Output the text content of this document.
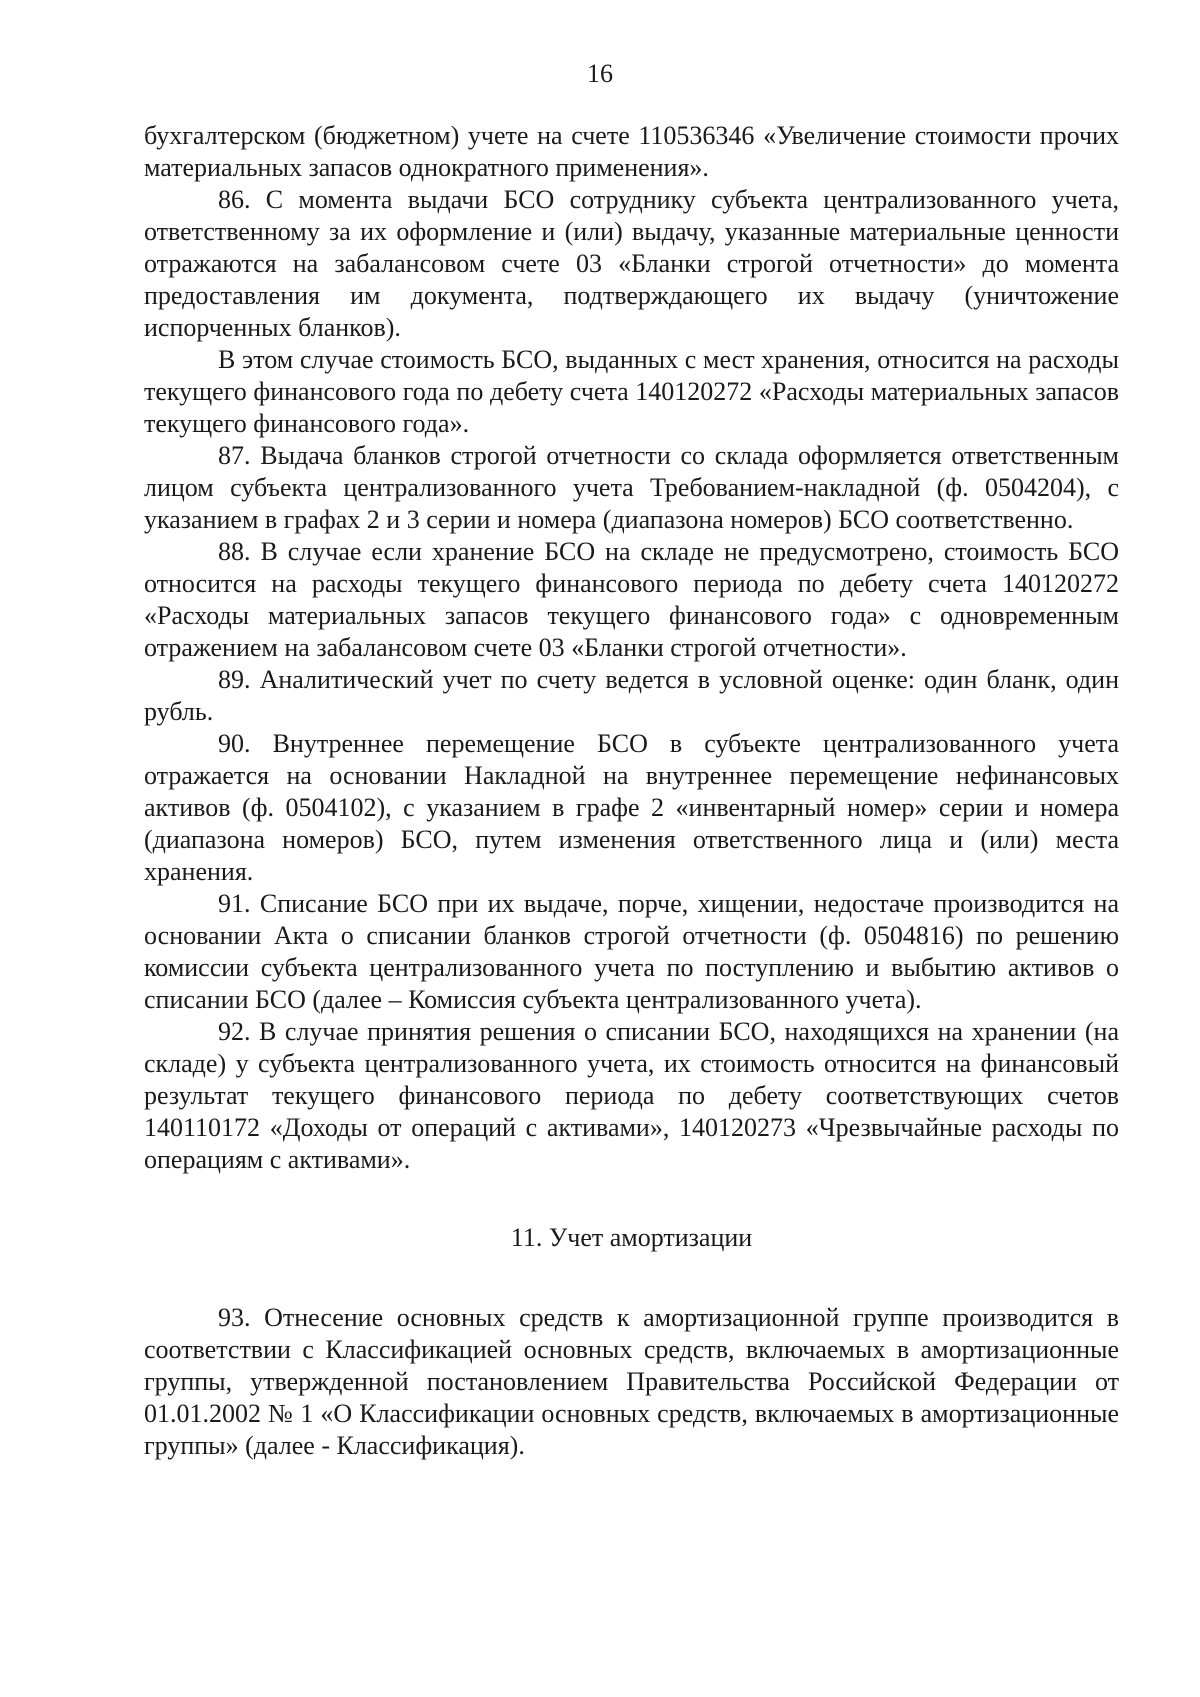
16

бухгалтерском (бюджетном) учете на счете 110536346 «Увеличение стоимости прочих материальных запасов однократного применения».

86. С момента выдачи БСО сотруднику субъекта централизованного учета, ответственному за их оформление и (или) выдачу, указанные материальные ценности отражаются на забалансовом счете 03 «Бланки строгой отчетности» до момента предоставления им документа, подтверждающего их выдачу (уничтожение испорченных бланков).

В этом случае стоимость БСО, выданных с мест хранения, относится на расходы текущего финансового года по дебету счета 140120272 «Расходы материальных запасов текущего финансового года».

87. Выдача бланков строгой отчетности со склада оформляется ответственным лицом субъекта централизованного учета Требованием-накладной (ф. 0504204), с указанием в графах 2 и 3 серии и номера (диапазона номеров) БСО соответственно.

88. В случае если хранение БСО на складе не предусмотрено, стоимость БСО относится на расходы текущего финансового периода по дебету счета 140120272 «Расходы материальных запасов текущего финансового года» с одновременным отражением на забалансовом счете 03 «Бланки строгой отчетности».

89. Аналитический учет по счету ведется в условной оценке: один бланк, один рубль.

90. Внутреннее перемещение БСО в субъекте централизованного учета отражается на основании Накладной на внутреннее перемещение нефинансовых активов (ф. 0504102), с указанием в графе 2 «инвентарный номер» серии и номера (диапазона номеров) БСО, путем изменения ответственного лица и (или) места хранения.

91. Списание БСО при их выдаче, порче, хищении, недостаче производится на основании Акта о списании бланков строгой отчетности (ф. 0504816) по решению комиссии субъекта централизованного учета по поступлению и выбытию активов о списании БСО (далее – Комиссия субъекта централизованного учета).

92. В случае принятия решения о списании БСО, находящихся на хранении (на складе) у субъекта централизованного учета, их стоимость относится на финансовый результат текущего финансового периода по дебету соответствующих счетов 140110172 «Доходы от операций с активами», 140120273 «Чрезвычайные расходы по операциям с активами».

11. Учет амортизации

93. Отнесение основных средств к амортизационной группе производится в соответствии с Классификацией основных средств, включаемых в амортизационные группы, утвержденной постановлением Правительства Российской Федерации от 01.01.2002 № 1 «О Классификации основных средств, включаемых в амортизационные группы» (далее - Классификация).
